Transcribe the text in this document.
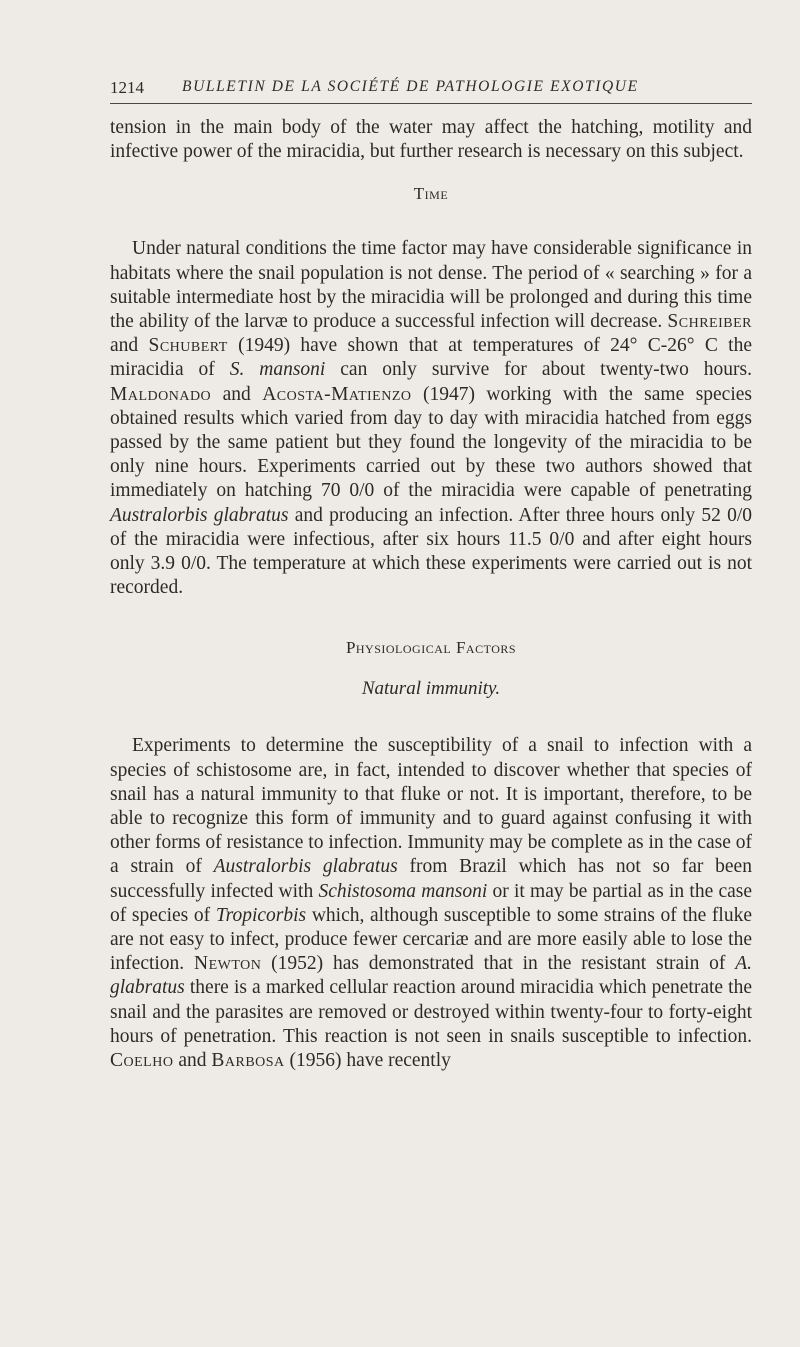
1214 BULLETIN DE LA SOCIÉTÉ DE PATHOLOGIE EXOTIQUE

tension in the main body of the water may affect the hatching, motility and infective power of the miracidia, but further research is necessary on this subject.

Time

Under natural conditions the time factor may have considerable significance in habitats where the snail population is not dense. The period of « searching » for a suitable intermediate host by the miracidia will be prolonged and during this time the ability of the larvæ to produce a successful infection will decrease. Schreiber and Schubert (1949) have shown that at temperatures of 24° C-26° C the miracidia of S. mansoni can only survive for about twenty-two hours. Maldonado and Acosta-Matienzo (1947) working with the same species obtained results which varied from day to day with miracidia hatched from eggs passed by the same patient but they found the longevity of the miracidia to be only nine hours. Experiments carried out by these two authors showed that immediately on hatching 70 0/0 of the miracidia were capable of penetrating Australorbis glabratus and producing an infection. After three hours only 52 0/0 of the miracidia were infectious, after six hours 11.5 0/0 and after eight hours only 3.9 0/0. The temperature at which these experiments were carried out is not recorded.

Physiological Factors
Natural immunity.

Experiments to determine the susceptibility of a snail to infection with a species of schistosome are, in fact, intended to discover whether that species of snail has a natural immunity to that fluke or not. It is important, therefore, to be able to recognize this form of immunity and to guard against confusing it with other forms of resistance to infection. Immunity may be complete as in the case of a strain of Australorbis glabratus from Brazil which has not so far been successfully infected with Schistosoma mansoni or it may be partial as in the case of species of Tropicorbis which, although susceptible to some strains of the fluke are not easy to infect, produce fewer cercariæ and are more easily able to lose the infection. Newton (1952) has demonstrated that in the resistant strain of A. glabratus there is a marked cellular reaction around miracidia which penetrate the snail and the parasites are removed or destroyed within twenty-four to forty-eight hours of penetration. This reaction is not seen in snails susceptible to infection. Coelho and Barbosa (1956) have recently
